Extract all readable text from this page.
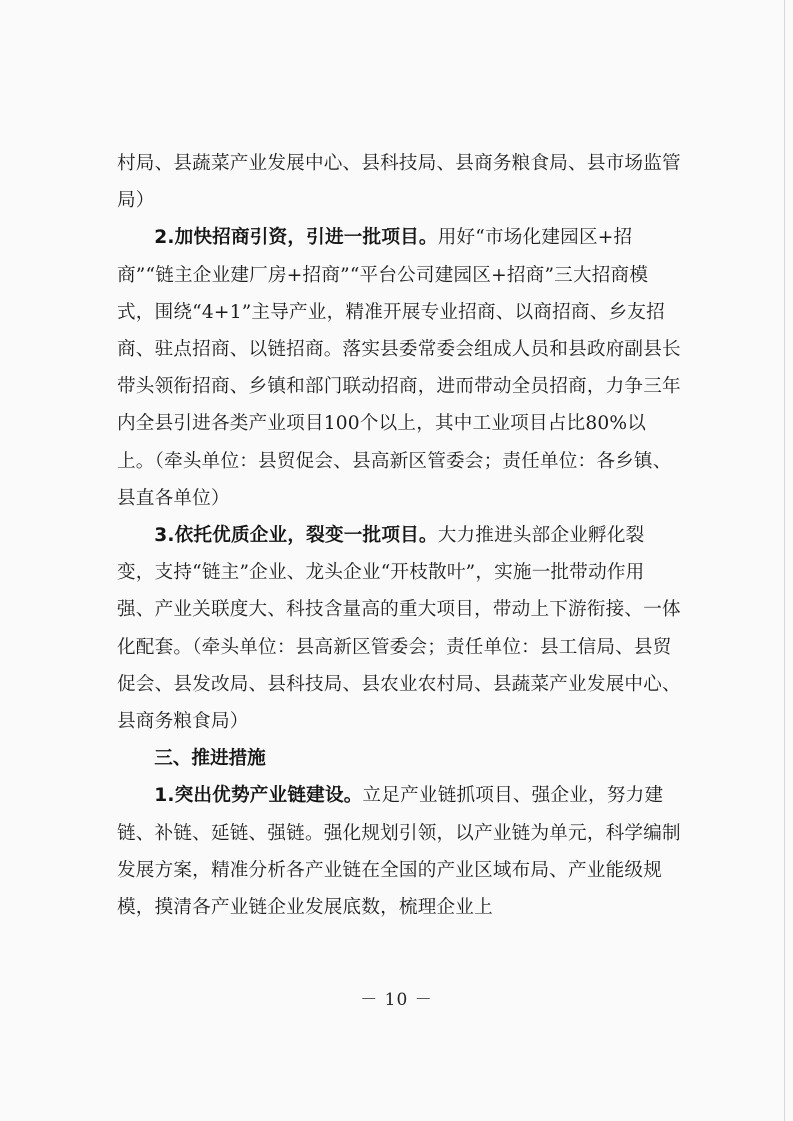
村局、县蔬菜产业发展中心、县科技局、县商务粮食局、县市场监管局）

2.加快招商引资，引进一批项目。用好“市场化建园区+招商”“链主企业建厂房+招商”“平台公司建园区+招商”三大招商模式，围绕“4+1”主导产业，精准开展专业招商、以商招商、乡友招商、驻点招商、以链招商。落实县委常委会组成人员和县政府副县长带头领衔招商、乡镇和部门联动招商，进而带动全员招商，力争三年内全县引进各类产业项目100个以上，其中工业项目占比80%以上。（牵头单位：县贸促会、县高新区管委会；责任单位：各乡镇、县直各单位）

3.依托优质企业，裂变一批项目。大力推进头部企业孵化裂变，支持“链主”企业、龙头企业“开枝散叶”，实施一批带动作用强、产业关联度大、科技含量高的重大项目，带动上下游衔接、一体化配套。（牵头单位：县高新区管委会；责任单位：县工信局、县贸促会、县发改局、县科技局、县农业农村局、县蔬菜产业发展中心、县商务粮食局）

三、推进措施

1.突出优势产业链建设。立足产业链抓项目、强企业，努力建链、补链、延链、强链。强化规划引领，以产业链为单元，科学编制发展方案，精准分析各产业链在全国的产业区域布局、产业能级规模，摸清各产业链企业发展底数，梳理企业上

－ 10 －
